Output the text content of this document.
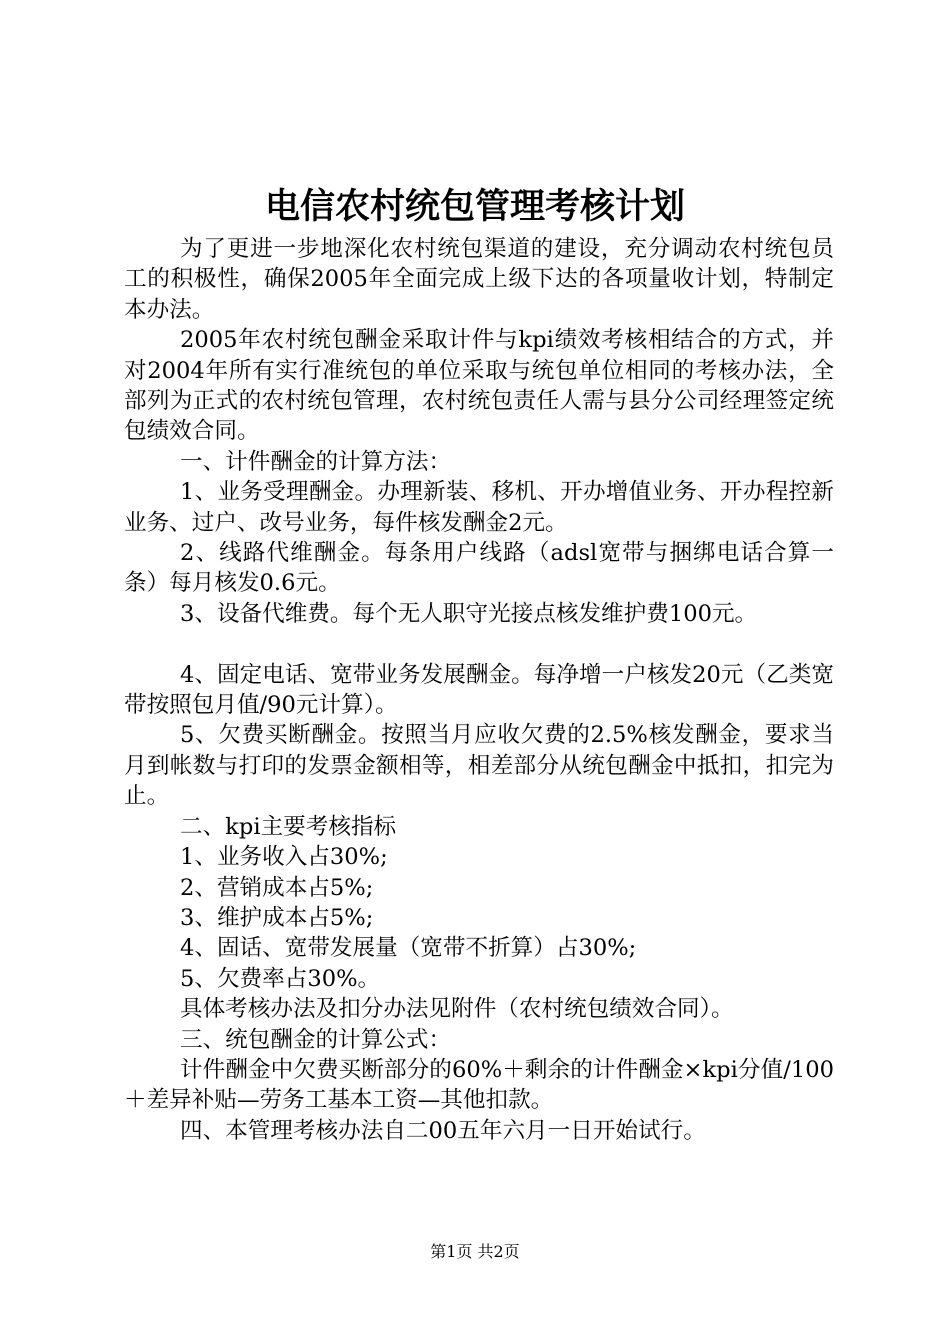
电信农村统包管理考核计划

为了更进一步地深化农村统包渠道的建设，充分调动农村统包员工的积极性，确保2005年全面完成上级下达的各项量收计划，特制定本办法。

2005年农村统包酬金采取计件与kpi绩效考核相结合的方式，并对2004年所有实行准统包的单位采取与统包单位相同的考核办法，全部列为正式的农村统包管理，农村统包责任人需与县分公司经理签定统包绩效合同。

一、计件酬金的计算方法：

1、业务受理酬金。办理新装、移机、开办增值业务、开办程控新业务、过户、改号业务，每件核发酬金2元。

2、线路代维酬金。每条用户线路（adsl宽带与捆绑电话合算一条）每月核发0.6元。

3、设备代维费。每个无人职守光接点核发维护费100元。

4、固定电话、宽带业务发展酬金。每净增一户核发20元（乙类宽带按照包月值/90元计算）。

5、欠费买断酬金。按照当月应收欠费的2.5%核发酬金，要求当月到帐数与打印的发票金额相等，相差部分从统包酬金中抵扣，扣完为止。

二、kpi主要考核指标

1、业务收入占30%;

2、营销成本占5%;

3、维护成本占5%;

4、固话、宽带发展量（宽带不折算）占30%;

5、欠费率占30%。

具体考核办法及扣分办法见附件（农村统包绩效合同）。

三、统包酬金的计算公式：

计件酬金中欠费买断部分的60%＋剩余的计件酬金×kpi分值/100＋差异补贴—劳务工基本工资—其他扣款。

四、本管理考核办法自二00五年六月一日开始试行。

第1页 共2页
